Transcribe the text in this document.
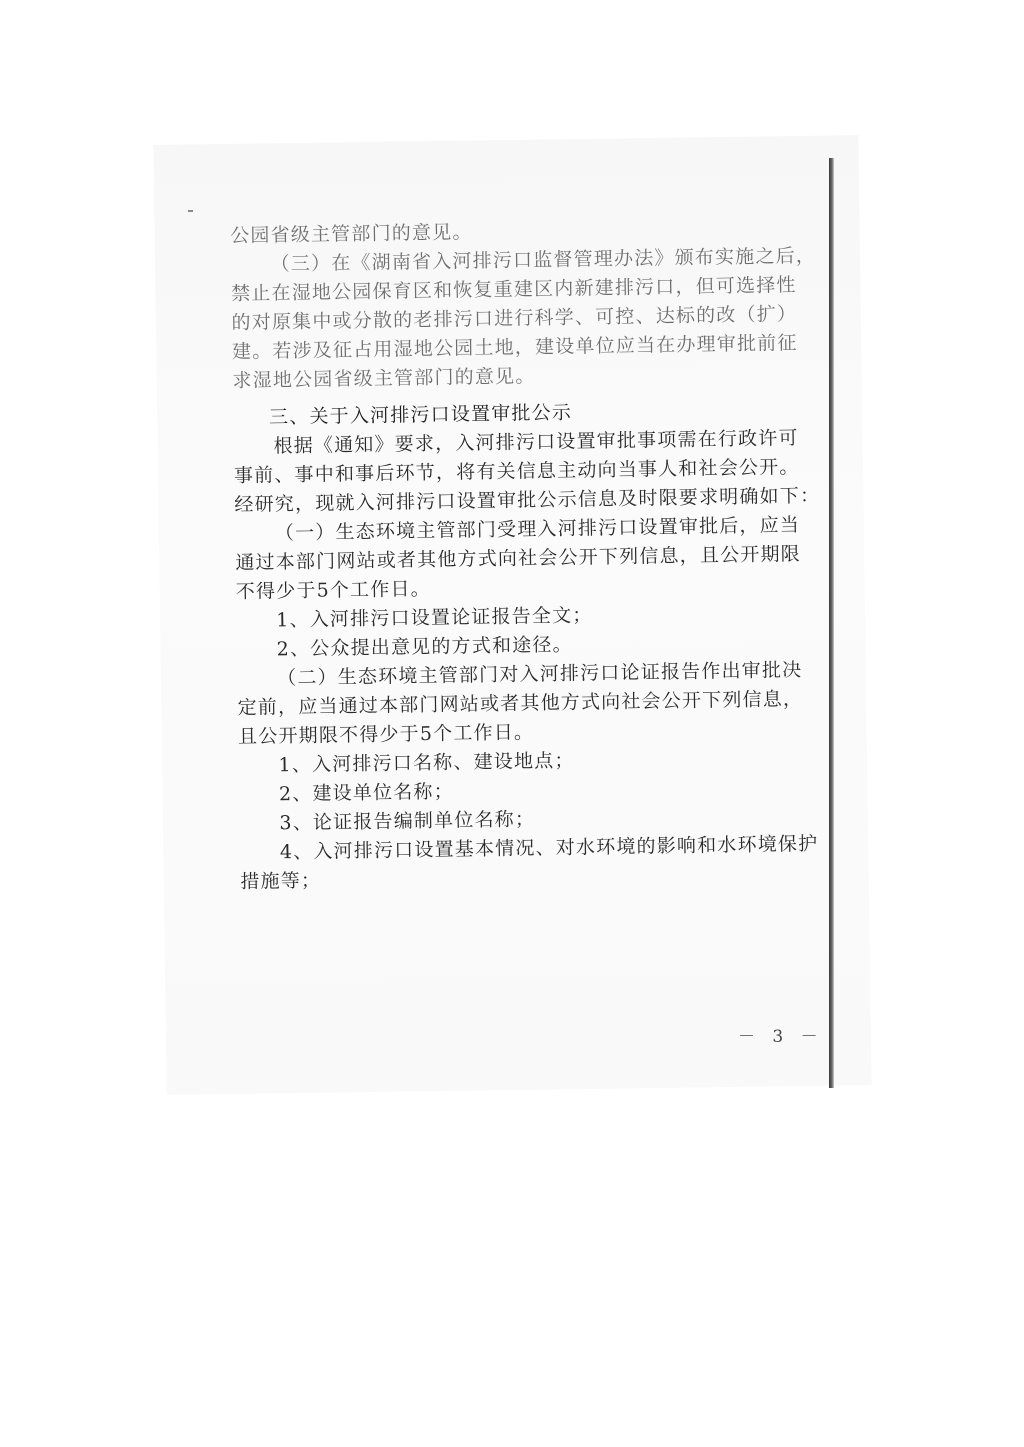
公园省级主管部门的意见。
（三）在《湖南省入河排污口监督管理办法》颁布实施之后，
禁止在湿地公园保育区和恢复重建区内新建排污口，但可选择性
的对原集中或分散的老排污口进行科学、可控、达标的改（扩）
建。若涉及征占用湿地公园土地，建设单位应当在办理审批前征
求湿地公园省级主管部门的意见。
三、关于入河排污口设置审批公示
根据《通知》要求，入河排污口设置审批事项需在行政许可
事前、事中和事后环节，将有关信息主动向当事人和社会公开。
经研究，现就入河排污口设置审批公示信息及时限要求明确如下：
（一）生态环境主管部门受理入河排污口设置审批后，应当
通过本部门网站或者其他方式向社会公开下列信息，且公开期限
不得少于5个工作日。
1、入河排污口设置论证报告全文；
2、公众提出意见的方式和途径。
（二）生态环境主管部门对入河排污口论证报告作出审批决
定前，应当通过本部门网站或者其他方式向社会公开下列信息，
且公开期限不得少于5个工作日。
1、入河排污口名称、建设地点；
2、建设单位名称；
3、论证报告编制单位名称；
4、入河排污口设置基本情况、对水环境的影响和水环境保护
措施等；
－ 3 －
